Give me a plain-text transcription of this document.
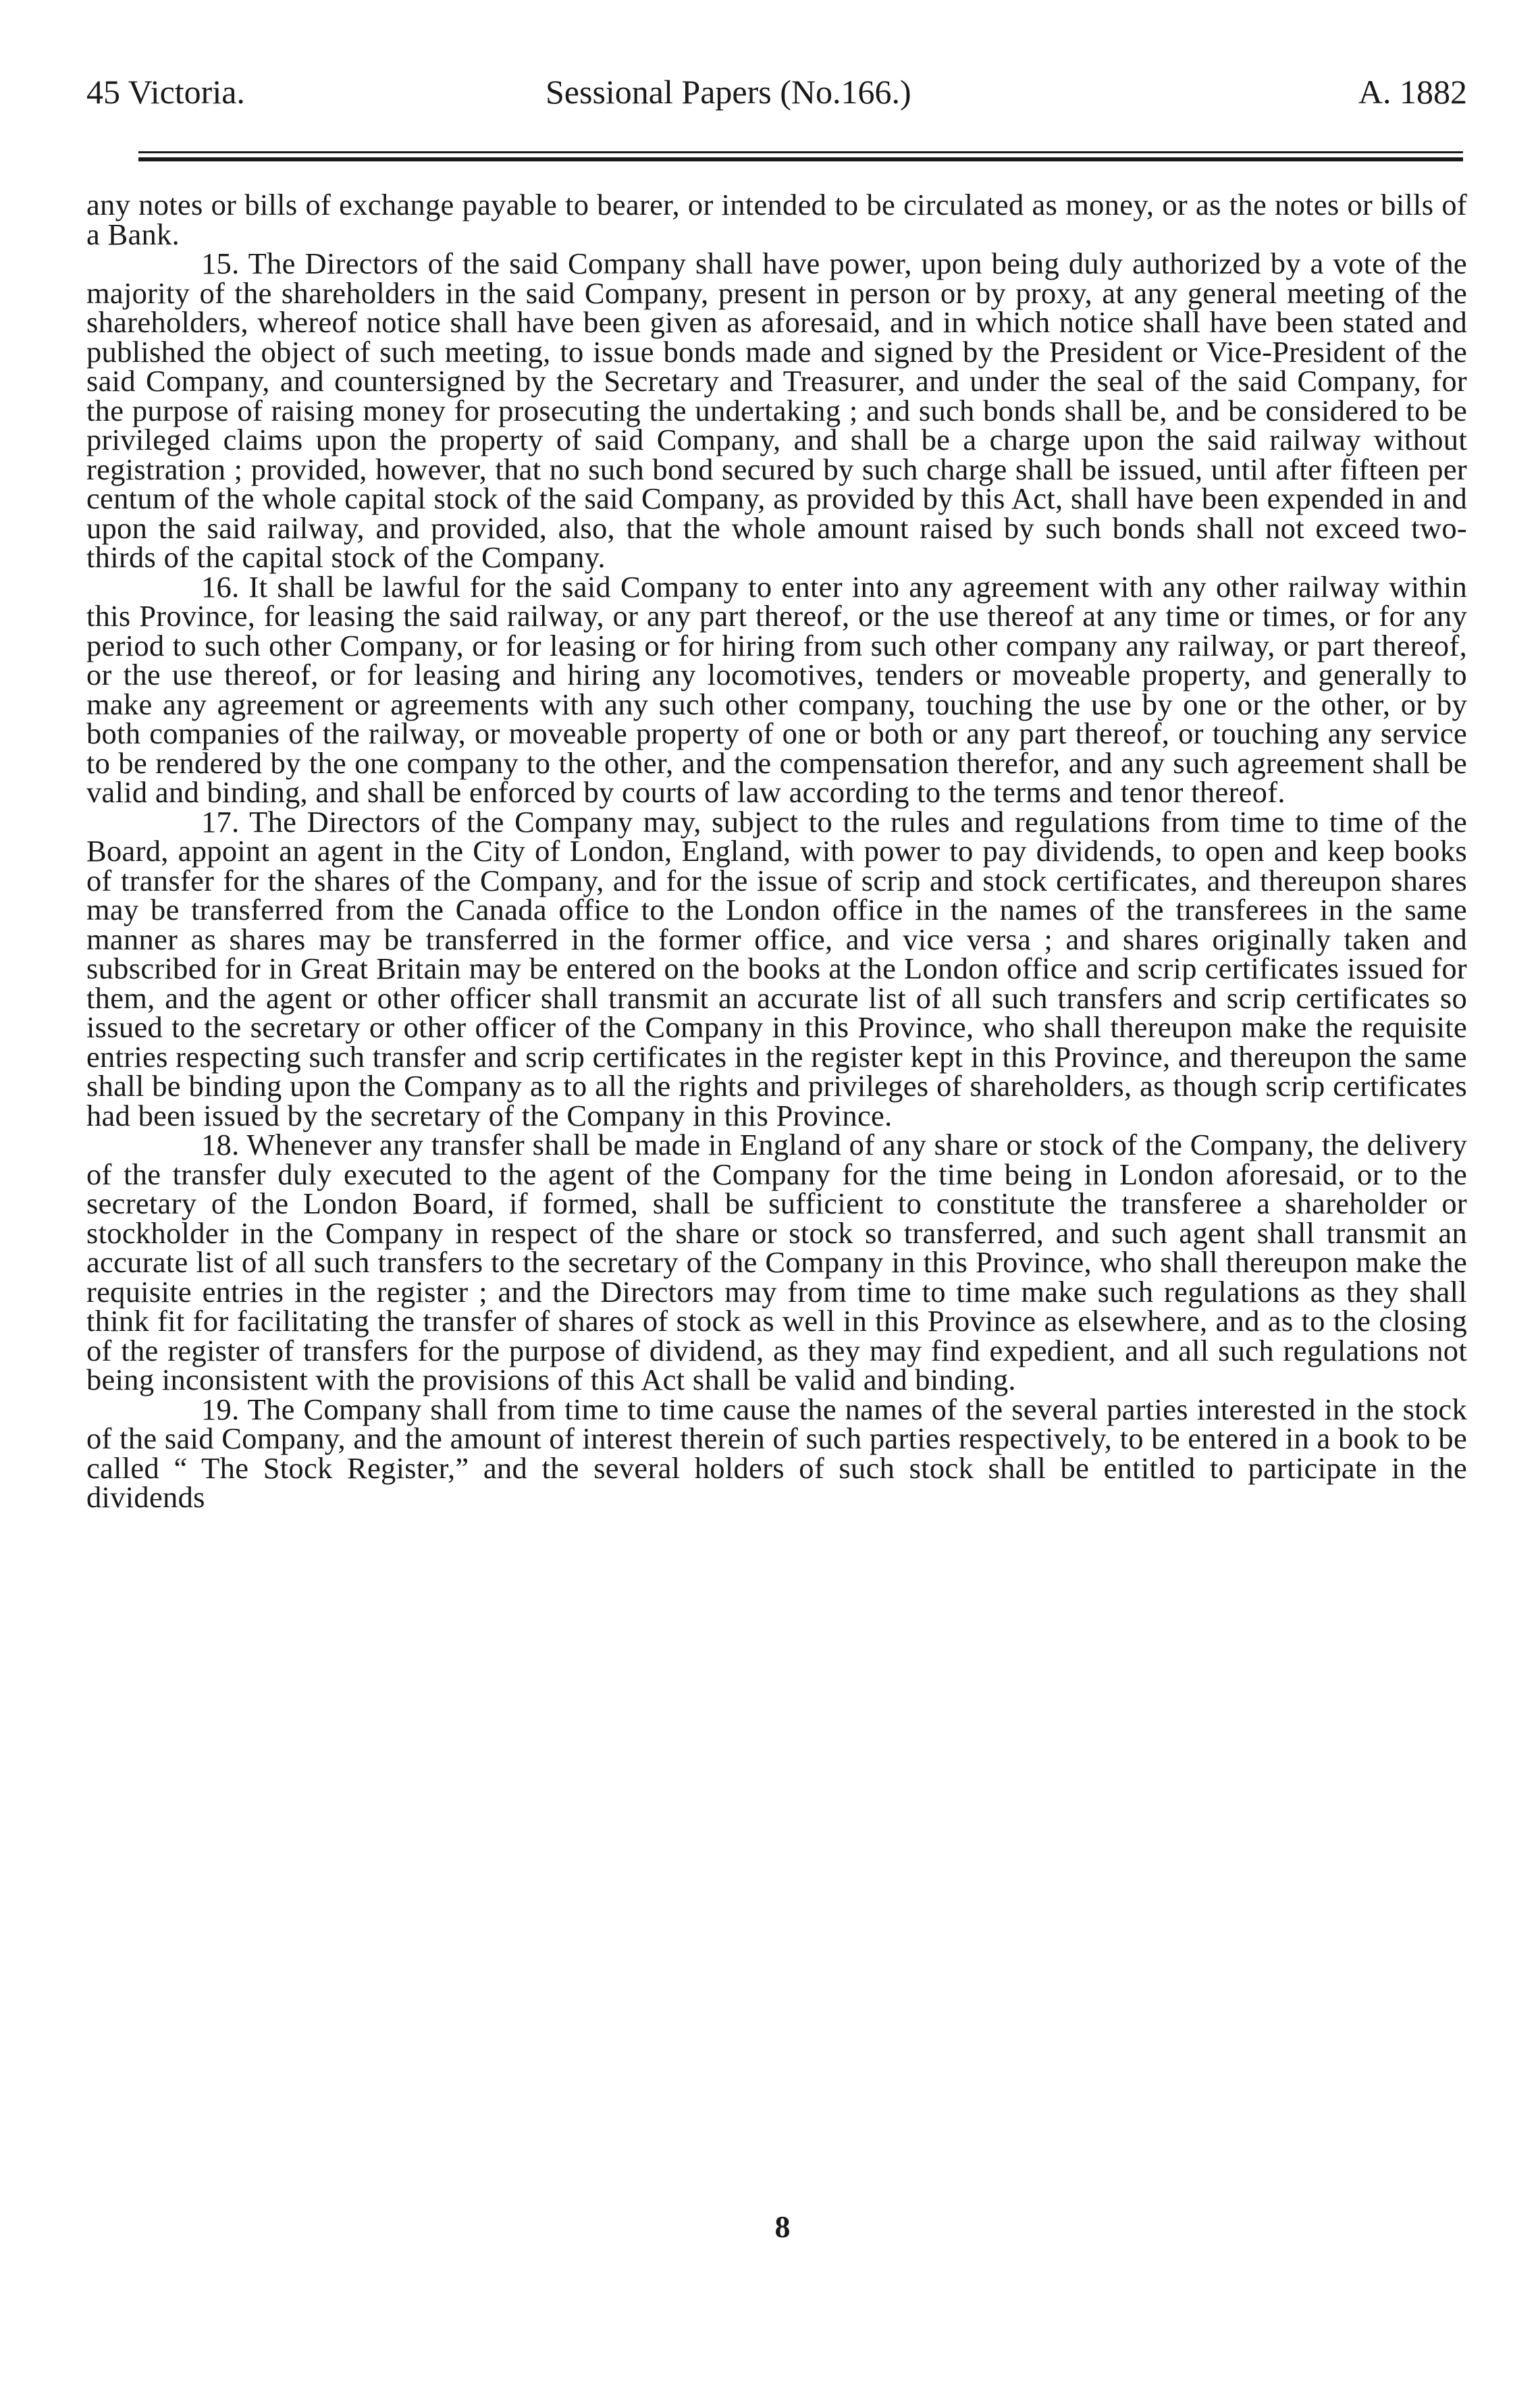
45 Victoria.	Sessional Papers (No.166.)	A. 1882

any notes or bills of exchange payable to bearer, or intended to be circulated as money, or as the notes or bills of a Bank.

15. The Directors of the said Company shall have power, upon being duly authorized by a vote of the majority of the shareholders in the said Company, present in person or by proxy, at any general meeting of the shareholders, whereof notice shall have been given as aforesaid, and in which notice shall have been stated and published the object of such meeting, to issue bonds made and signed by the President or Vice-President of the said Company, and countersigned by the Secretary and Treasurer, and under the seal of the said Company, for the purpose of raising money for prosecuting the undertaking ; and such bonds shall be, and be considered to be privileged claims upon the property of said Company, and shall be a charge upon the said railway without registration ; provided, however, that no such bond secured by such charge shall be issued, until after fifteen per centum of the whole capital stock of the said Company, as provided by this Act, shall have been expended in and upon the said railway, and provided, also, that the whole amount raised by such bonds shall not exceed two-thirds of the capital stock of the Company.

16. It shall be lawful for the said Company to enter into any agreement with any other railway within this Province, for leasing the said railway, or any part thereof, or the use thereof at any time or times, or for any period to such other Company, or for leasing or for hiring from such other company any railway, or part thereof, or the use thereof, or for leasing and hiring any locomotives, tenders or moveable property, and generally to make any agreement or agreements with any such other company, touching the use by one or the other, or by both companies of the railway, or moveable property of one or both or any part thereof, or touching any service to be rendered by the one company to the other, and the compensation therefor, and any such agreement shall be valid and binding, and shall be enforced by courts of law according to the terms and tenor thereof.

17. The Directors of the Company may, subject to the rules and regulations from time to time of the Board, appoint an agent in the City of London, England, with power to pay dividends, to open and keep books of transfer for the shares of the Company, and for the issue of scrip and stock certificates, and thereupon shares may be transferred from the Canada office to the London office in the names of the transferees in the same manner as shares may be transferred in the former office, and vice versa ; and shares originally taken and subscribed for in Great Britain may be entered on the books at the London office and scrip certificates issued for them, and the agent or other officer shall transmit an accurate list of all such transfers and scrip certificates so issued to the secretary or other officer of the Company in this Province, who shall thereupon make the requisite entries respecting such transfer and scrip certificates in the register kept in this Province, and thereupon the same shall be binding upon the Company as to all the rights and privileges of shareholders, as though scrip certificates had been issued by the secretary of the Company in this Province.

18. Whenever any transfer shall be made in England of any share or stock of the Company, the delivery of the transfer duly executed to the agent of the Company for the time being in London aforesaid, or to the secretary of the London Board, if formed, shall be sufficient to constitute the transferee a shareholder or stockholder in the Company in respect of the share or stock so transferred, and such agent shall transmit an accurate list of all such transfers to the secretary of the Company in this Province, who shall thereupon make the requisite entries in the register ; and the Directors may from time to time make such regulations as they shall think fit for facilitating the transfer of shares of stock as well in this Province as elsewhere, and as to the closing of the register of transfers for the purpose of dividend, as they may find expedient, and all such regulations not being inconsistent with the provisions of this Act shall be valid and binding.

19. The Company shall from time to time cause the names of the several parties interested in the stock of the said Company, and the amount of interest therein of such parties respectively, to be entered in a book to be called “ The Stock Register,” and the several holders of such stock shall be entitled to participate in the dividends

8
